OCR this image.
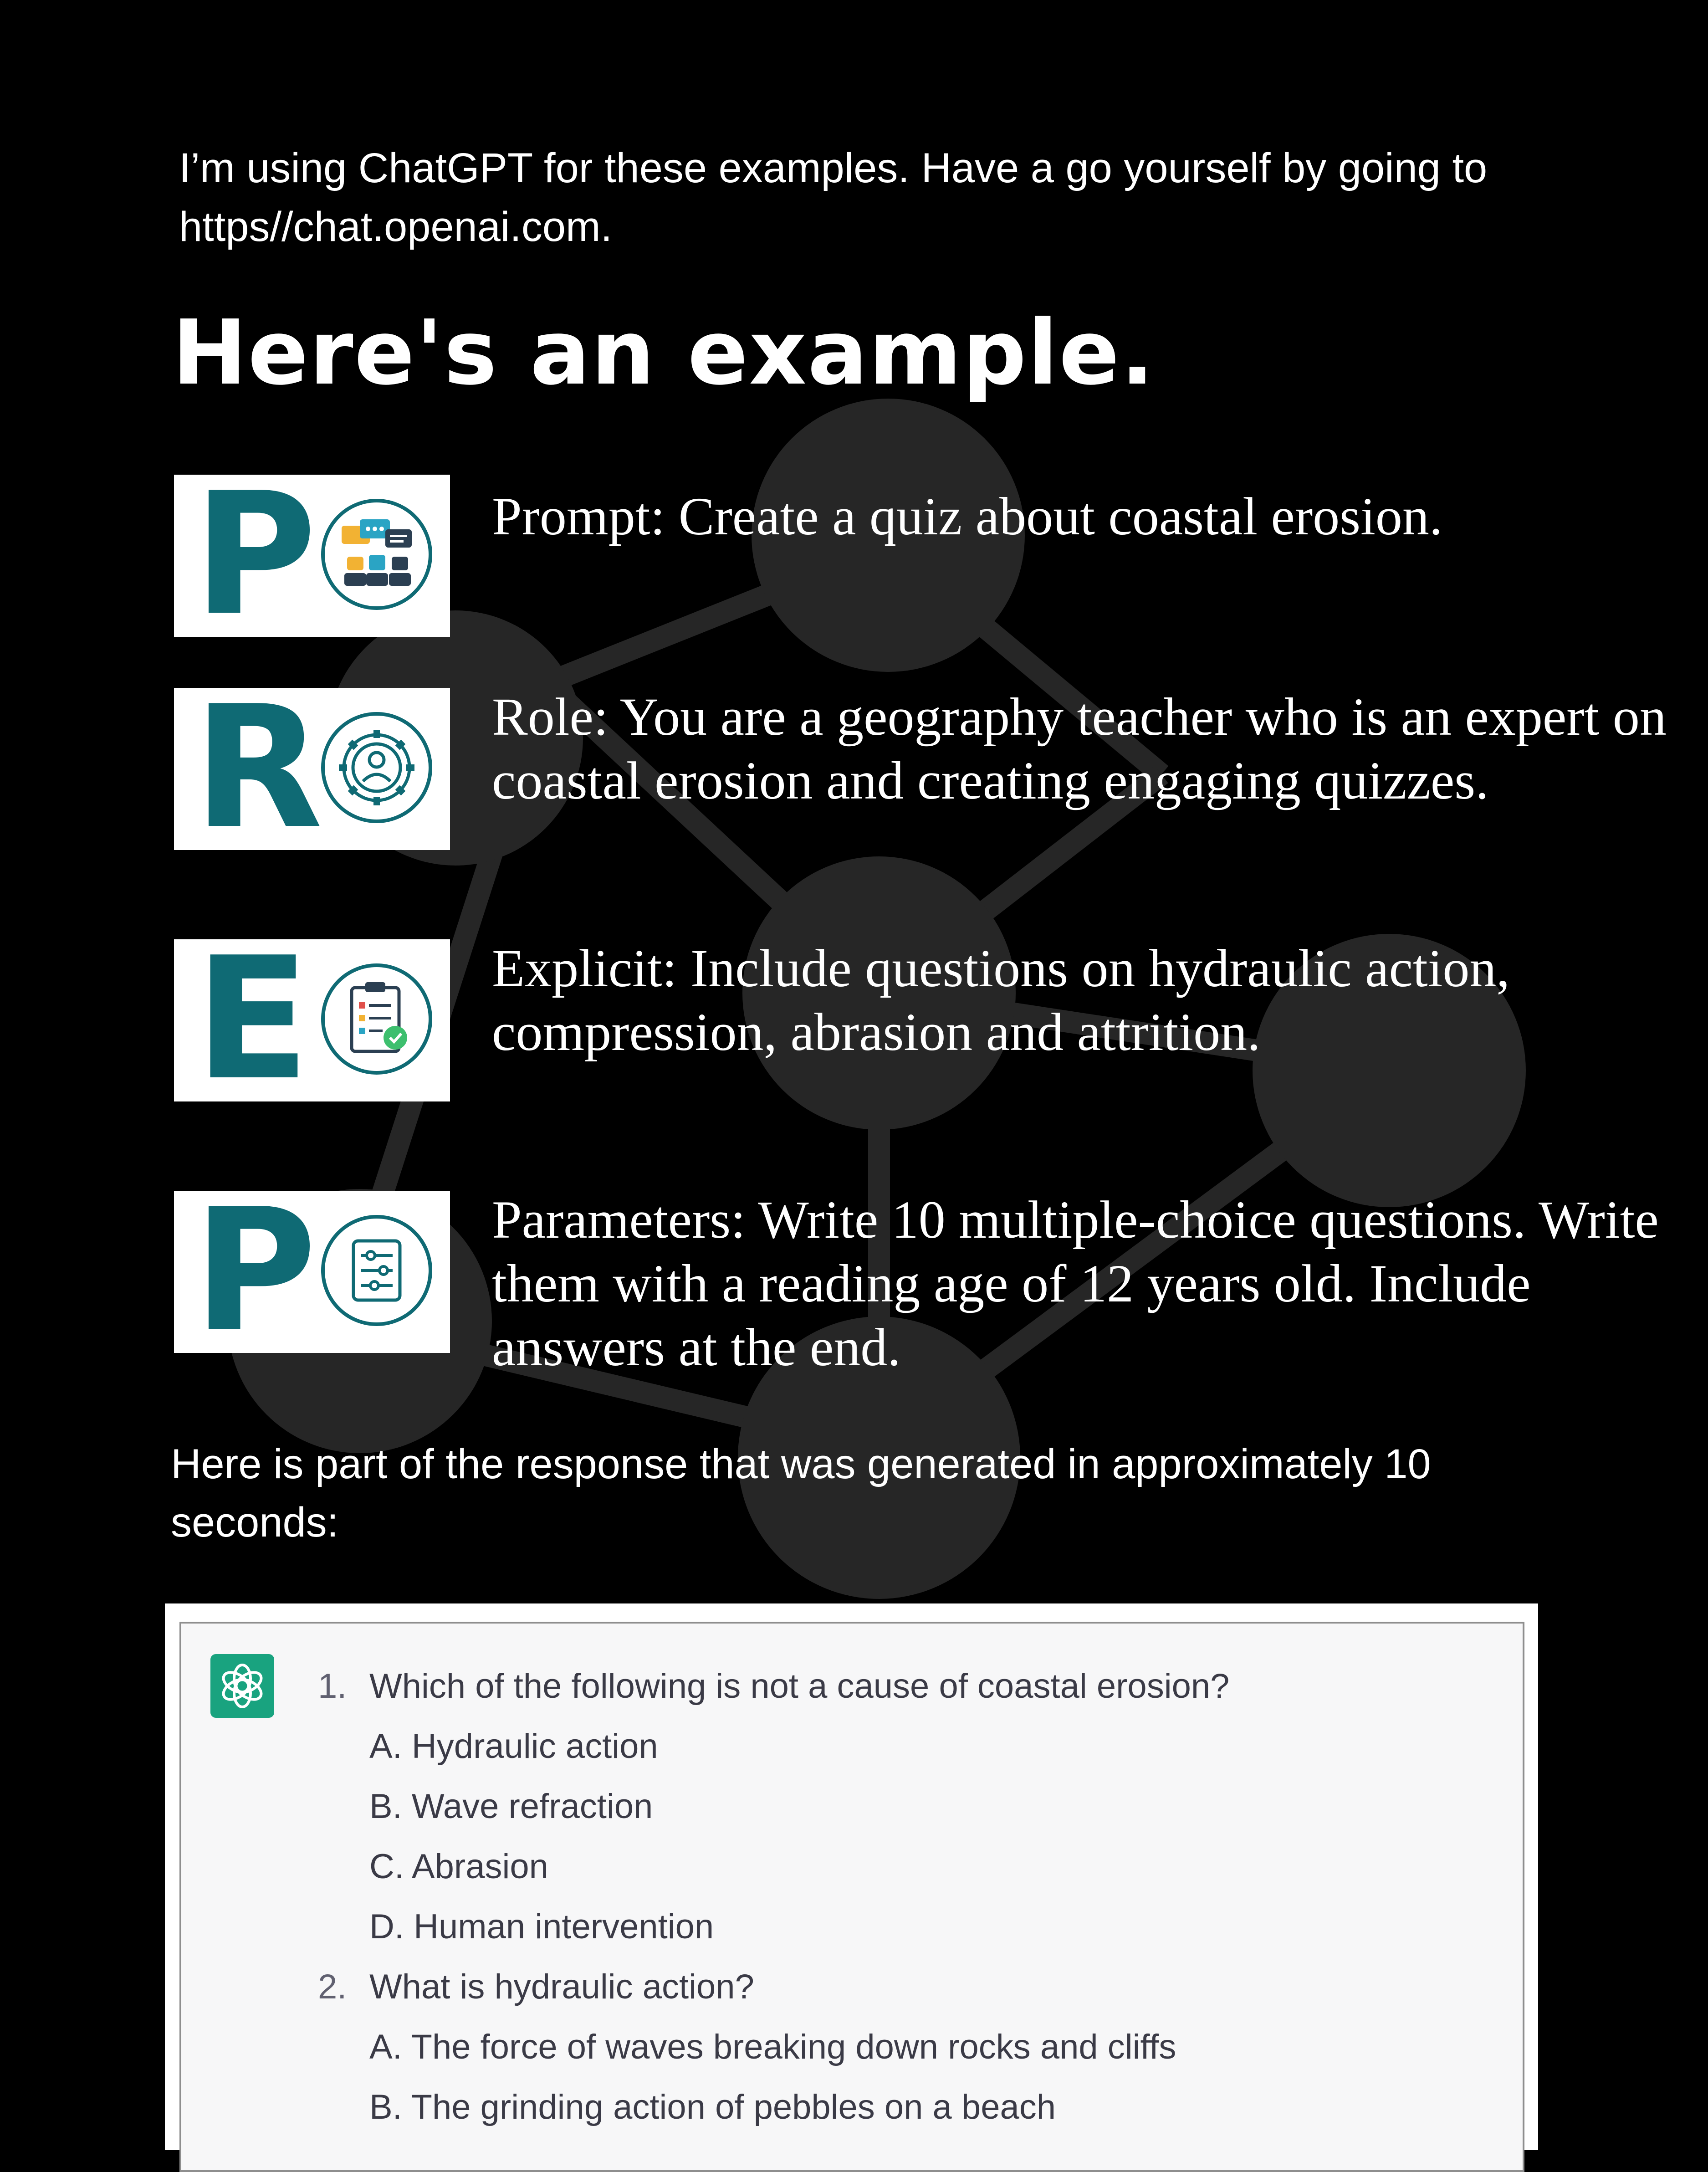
I’m using ChatGPT for these examples. Have a go yourself by going to
https//chat.openai.com.

Here's an example.
P	Prompt: Create a quiz about coastal erosion.

R	Role: You are a geography teacher who is an expert on coastal erosion and creating engaging quizzes.

E	Explicit: Include questions on hydraulic action, compression, abrasion and attrition.

P	Parameters: Write 10 multiple-choice questions. Write them with a reading age of 12 years old. Include answers at the end.

Here is part of the response that was generated in approximately 10
seconds:

1. Which of the following is not a cause of coastal erosion?
A. Hydraulic action
B. Wave refraction
C. Abrasion
D. Human intervention
2. What is hydraulic action?
A. The force of waves breaking down rocks and cliffs
B. The grinding action of pebbles on a beach
